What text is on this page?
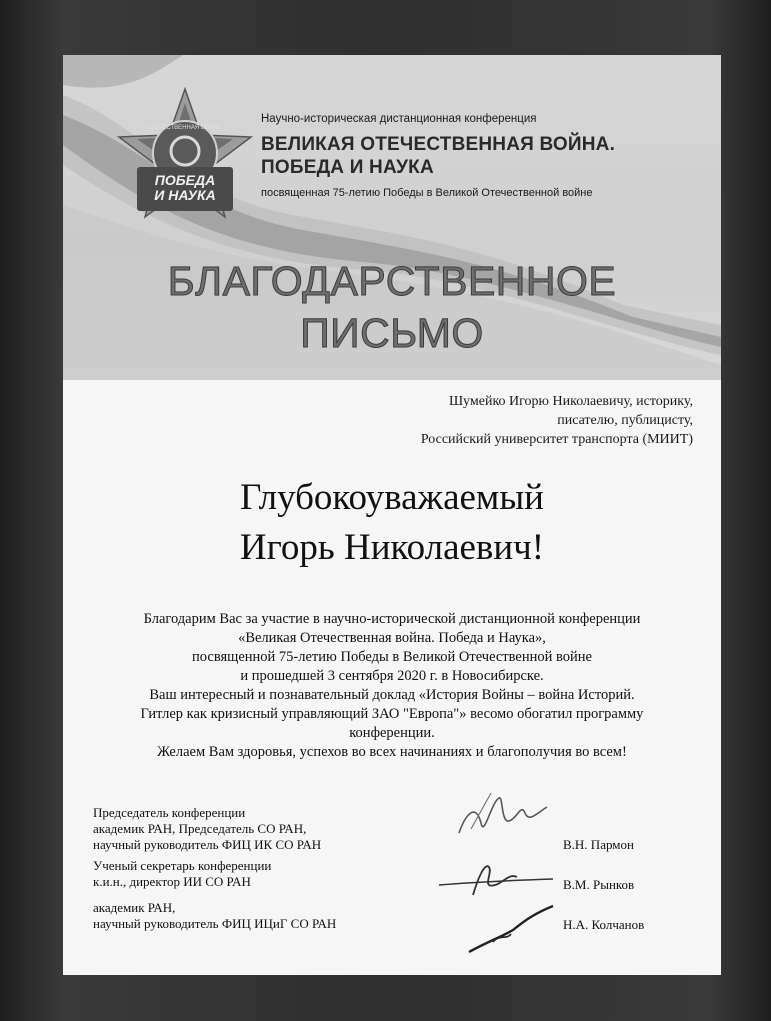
ПОБЕДА
И НАУКА
ОТЕЧЕСТВЕННАЯ ВОЙНА
Научно-историческая дистанционная конференция
ВЕЛИКАЯ ОТЕЧЕСТВЕННАЯ ВОЙНА.
ПОБЕДА И НАУКА
посвященная 75-летию Победы в Великой Отечественной войне
БЛАГОДАРСТВЕННОЕ
ПИСЬМО
Шумейко Игорю Николаевичу, историку,
писателю, публицисту,
Российский университет транспорта (МИИТ)
Глубокоуважаемый
Игорь Николаевич!
Благодарим Вас за участие в научно-исторической дистанционной конференции
«Великая Отечественная война. Победа и Наука»,
посвященной 75-летию Победы в Великой Отечественной войне
и прошедшей 3 сентября 2020 г. в Новосибирске.
Ваш интересный и познавательный доклад «История Войны – война Историй.
Гитлер как кризисный управляющий ЗАО "Европа"» весомо обогатил программу
конференции.
Желаем Вам здоровья, успехов во всех начинаниях и благополучия во всем!
Председатель конференции
академик РАН, Председатель СО РАН,
научный руководитель ФИЦ ИК СО РАН	В.Н. Пармон
Ученый секретарь конференции
к.и.н., директор ИИ СО РАН	В.М. Рынков
академик РАН,
научный руководитель ФИЦ ИЦиГ СО РАН	Н.А. Колчанов
